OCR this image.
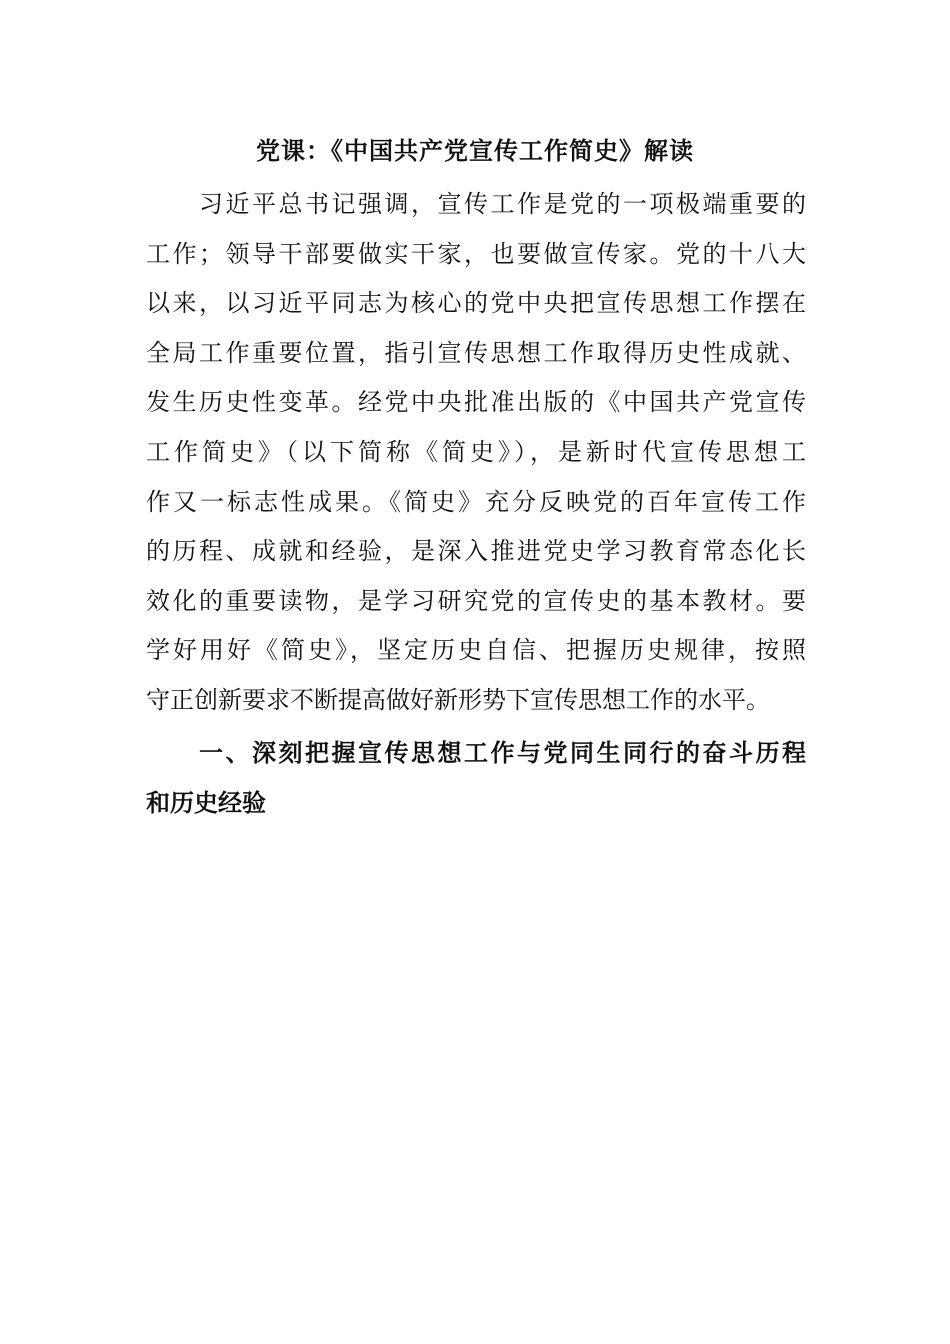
党课：《中国共产党宣传工作简史》解读
　　习近平总书记强调，宣传工作是党的一项极端重要的
工作；领导干部要做实干家，也要做宣传家。党的十八大
以来，以习近平同志为核心的党中央把宣传思想工作摆在
全局工作重要位置，指引宣传思想工作取得历史性成就、
发生历史性变革。经党中央批准出版的《中国共产党宣传
工作简史》（以下简称《简史》），是新时代宣传思想工
作又一标志性成果。《简史》充分反映党的百年宣传工作
的历程、成就和经验，是深入推进党史学习教育常态化长
效化的重要读物，是学习研究党的宣传史的基本教材。要
学好用好《简史》，坚定历史自信、把握历史规律，按照
守正创新要求不断提高做好新形势下宣传思想工作的水平。
　　一、深刻把握宣传思想工作与党同生同行的奋斗历程
和历史经验
